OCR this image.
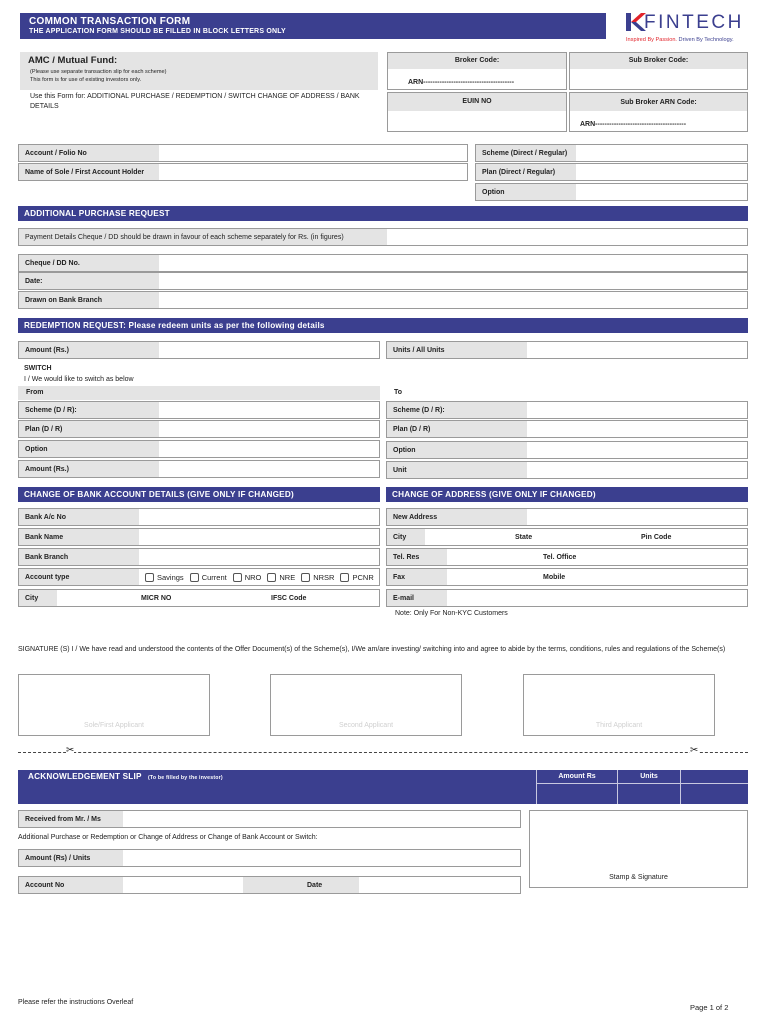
COMMON TRANSACTION FORM
THE APPLICATION FORM SHOULD BE FILLED IN BLOCK LETTERS ONLY	FINTECH
Inspired By Passion. Driven By Technology.
AMC / Mutual Fund:
(Please use separate transaction slip for each scheme)
This form is for use of existing investors only.
Use this Form for: ADDITIONAL PURCHASE / REDEMPTION / SWITCH CHANGE OF ADDRESS / BANK DETAILS
Broker Code:
ARN---------------------------------------
Sub Broker Code:
EUIN NO	Sub Broker ARN Code:
ARN---------------------------------------
Account / Folio No
Name of Sole / First Account Holder
Scheme (Direct / Regular)
Plan (Direct / Regular)
Option
ADDITIONAL PURCHASE REQUEST
Payment Details Cheque / DD should be drawn in favour of each scheme separately for Rs. (in figures)
Cheque / DD No.
Date:
Drawn on Bank Branch
REDEMPTION REQUEST: Please redeem units as per the following details
Amount (Rs.)	Units / All Units
SWITCH
I / We would like to switch as below
From	To
Scheme (D / R):
Plan (D / R)
Option
Amount (Rs.)
Scheme (D / R):
Plan (D / R)
Option
Unit
CHANGE OF BANK ACCOUNT DETAILS (GIVE ONLY IF CHANGED)
Bank A/c No
Bank Name
Bank Branch
Account type	Savings Current NRO NRE NRSR PCNR
City	MICR NO	IFSC Code
CHANGE OF ADDRESS (GIVE ONLY IF CHANGED)
New Address
City	State	Pin Code
Tel. Res	Tel. Office
Fax	Mobile
E-mail
Note: Only For Non-KYC Customers
SIGNATURE (S) I / We have read and understood the contents of the Offer Document(s) of the Scheme(s), I/We am/are investing/ switching into and agree to abide by the terms, conditions, rules and regulations of the Scheme(s)
Sole/First Applicant	Second Applicant	Third Applicant
✂	✂
ACKNOWLEDGEMENT SLIP (To be filled by the investor)	Amount Rs	Units
Received from Mr. / Ms
Additional Purchase or Redemption or Change of Address or Change of Bank Account or Switch:
Amount (Rs) / Units
Account No	Date
Stamp & Signature
Please refer the instructions Overleaf
Page 1 of 2
